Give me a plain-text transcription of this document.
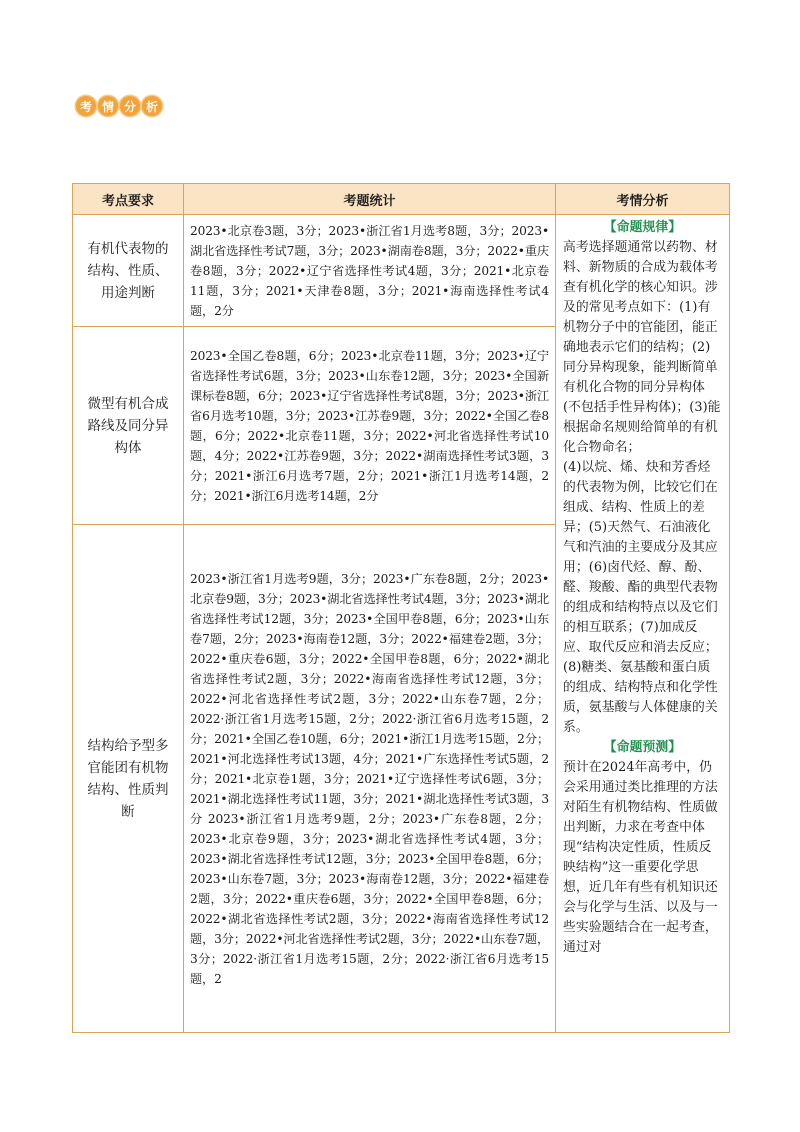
考 情 分 析
考点要求	考题统计	考情分析
有机代表物的结构、性质、用途判断	2023•北京卷3题，3分；2023•浙江省1月选考8题，3分；2023•湖北省选择性考试7题，3分；2023•湖南卷8题，3分；2022•重庆卷8题，3分；2022•辽宁省选择性考试4题，3分；2021•北京卷11题，3分；2021•天津卷8题，3分；2021•海南选择性考试4题，2分	【命题规律】
高考选择题通常以药物、材料、新物质的合成为载体考查有机化学的核心知识。涉及的常见考点如下：(1)有机物分子中的官能团，能正确地表示它们的结构；(2)同分异构现象，能判断简单有机化合物的同分异构体(不包括手性异构体)；(3)能根据命名规则给简单的有机化合物命名；
(4)以烷、烯、炔和芳香烃的代表物为例，比较它们在组成、结构、性质上的差异；(5)天然气、石油液化气和汽油的主要成分及其应用；(6)卤代烃、醇、酚、醛、羧酸、酯的典型代表物的组成和结构特点以及它们的相互联系；(7)加成反应、取代反应和消去反应；(8)糖类、氨基酸和蛋白质的组成、结构特点和化学性质，氨基酸与人体健康的关系。
【命题预测】
预计在2024年高考中，仍会采用通过类比推理的方法对陌生有机物结构、性质做出判断，力求在考查中体现“结构决定性质，性质反映结构”这一重要化学思想，近几年有些有机知识还会与化学与生活、以及与一些实验题结合在一起考查，通过对

微型有机合成路线及同分异构体	2023•全国乙卷8题，6分；2023•北京卷11题，3分；2023•辽宁省选择性考试6题，3分；2023•山东卷12题，3分；2023•全国新课标卷8题，6分；2023•辽宁省选择性考试8题，3分；2023•浙江省6月选考10题，3分；2023•江苏卷9题，3分；2022•全国乙卷8题，6分；2022•北京卷11题，3分；2022•河北省选择性考试10题，4分；2022•江苏卷9题，3分；2022•湖南选择性考试3题，3分；2021•浙江6月选考7题，2分；2021•浙江1月选考14题，2分；2021•浙江6月选考14题，2分	
结构给予型多官能团有机物结构、性质判断	2023•浙江省1月选考9题，3分；2023•广东卷8题，2分；2023•北京卷9题，3分；2023•湖北省选择性考试4题，3分；2023•湖北省选择性考试12题，3分；2023•全国甲卷8题，6分；2023•山东卷7题，2分；2023•海南卷12题，3分；2022•福建卷2题，3分；2022•重庆卷6题，3分；2022•全国甲卷8题，6分；2022•湖北省选择性考试2题，3分；2022•海南省选择性考试12题，3分；2022•河北省选择性考试2题，3分；2022•山东卷7题，2分；2022·浙江省1月选考15题，2分；2022·浙江省6月选考15题，2分；2021•全国乙卷10题，6分；2021•浙江1月选考15题，2分；2021•河北选择性考试13题，4分；2021•广东选择性考试5题，2分；2021•北京卷1题，3分；2021•辽宁选择性考试6题，3分；2021•湖北选择性考试11题，3分；2021•湖北选择性考试3题，3分 2023•浙江省1月选考9题，2分；2023•广东卷8题，2分；2023•北京卷9题，3分；2023•湖北省选择性考试4题，3分；2023•湖北省选择性考试12题，3分；2023•全国甲卷8题，6分；2023•山东卷7题，3分；2023•海南卷12题，3分；2022•福建卷2题，3分；2022•重庆卷6题，3分；2022•全国甲卷8题，6分；2022•湖北省选择性考试2题，3分；2022•海南省选择性考试12题，3分；2022•河北省选择性考试2题，3分；2022•山东卷7题，3分；2022·浙江省1月选考15题，2分；2022·浙江省6月选考15题，2	
